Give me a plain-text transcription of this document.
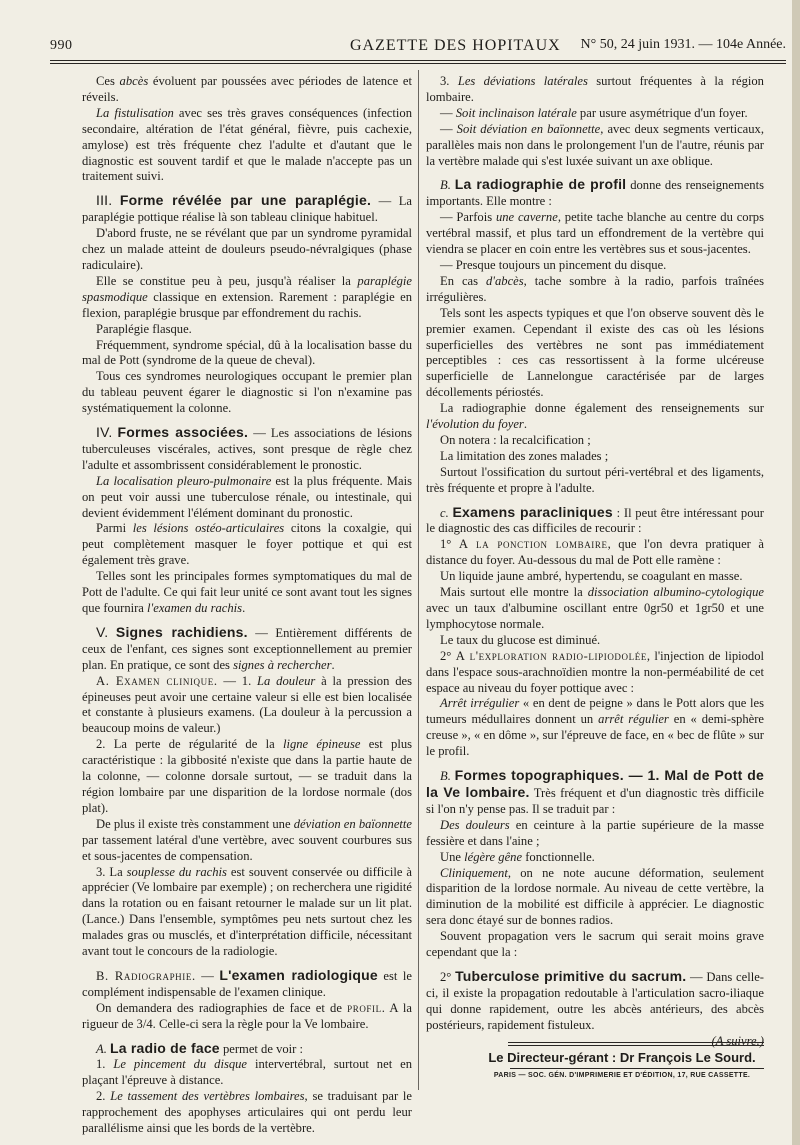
990	GAZETTE DES HOPITAUX N° 50, 24 juin 1931. — 104e Année.

Ces abcès évoluent par poussées avec périodes de latence et réveils.

La fistulisation avec ses très graves conséquences (infection secondaire, altération de l'état général, fièvre, puis cachexie, amylose) est très fréquente chez l'adulte et d'autant que le diagnostic est souvent tardif et que le malade n'accepte pas un traitement suivi.

III. Forme révélée par une paraplégie. — La paraplégie pottique réalise là son tableau clinique habituel.

D'abord fruste, ne se révélant que par un syndrome pyramidal chez un malade atteint de douleurs pseudo-névralgiques (phase radiculaire).

Elle se constitue peu à peu, jusqu'à réaliser la paraplégie spasmodique classique en extension. Rarement : paraplégie en flexion, paraplégie brusque par effondrement du rachis.

Paraplégie flasque.

Fréquemment, syndrome spécial, dû à la localisation basse du mal de Pott (syndrome de la queue de cheval).

Tous ces syndromes neurologiques occupant le premier plan du tableau peuvent égarer le diagnostic si l'on n'examine pas systématiquement la colonne.

IV. Formes associées. — Les associations de lésions tuberculeuses viscérales, actives, sont presque de règle chez l'adulte et assombrissent considérablement le pronostic.

La localisation pleuro-pulmonaire est la plus fréquente. Mais on peut voir aussi une tuberculose rénale, ou intestinale, qui devient évidemment l'élément dominant du pronostic.

Parmi les lésions ostéo-articulaires citons la coxalgie, qui peut complètement masquer le foyer pottique et qui est également très grave.

Telles sont les principales formes symptomatiques du mal de Pott de l'adulte. Ce qui fait leur unité ce sont avant tout les signes que fournira l'examen du rachis.

V. Signes rachidiens. — Entièrement différents de ceux de l'enfant, ces signes sont exceptionnellement au premier plan. En pratique, ce sont des signes à rechercher.

A. Examen clinique. — 1. La douleur à la pression des épineuses peut avoir une certaine valeur si elle est bien localisée et constante à plusieurs examens. (La douleur à la percussion a beaucoup moins de valeur.)

2. La perte de régularité de la ligne épineuse est plus caractéristique : la gibbosité n'existe que dans la partie haute de la colonne, — colonne dorsale surtout, — se traduit dans la région lombaire par une disparition de la lordose normale (dos plat).

De plus il existe très constamment une déviation en baïonnette par tassement latéral d'une vertèbre, avec souvent courbures sus et sous-jacentes de compensation.

3. La souplesse du rachis est souvent conservée ou difficile à apprécier (Ve lombaire par exemple) ; on recherchera une rigidité dans la rotation ou en faisant retourner le malade sur un lit plat. (Lance.) Dans l'ensemble, symptômes peu nets surtout chez les malades gras ou musclés, et d'interprétation difficile, nécessitant avant tout le concours de la radiologie.

B. Radiographie. — L'examen radiologique est le complément indispensable de l'examen clinique.

On demandera des radiographies de face et de profil. A la rigueur de 3/4. Celle-ci sera la règle pour la Ve lombaire.

A. La radio de face permet de voir :

1. Le pincement du disque intervertébral, surtout net en plaçant l'épreuve à distance.

2. Le tassement des vertèbres lombaires, se traduisant par le rapprochement des apophyses articulaires qui ont perdu leur parallélisme ainsi que les bords de la vertèbre.

3. Les déviations latérales surtout fréquentes à la région lombaire.

— Soit inclinaison latérale par usure asymétrique d'un foyer.

— Soit déviation en baïonnette, avec deux segments verticaux, parallèles mais non dans le prolongement l'un de l'autre, réunis par la vertèbre malade qui s'est luxée suivant un axe oblique.

B. La radiographie de profil donne des renseignements importants. Elle montre :

— Parfois une caverne, petite tache blanche au centre du corps vertébral massif, et plus tard un effondrement de la vertèbre qui viendra se placer en coin entre les vertèbres sus et sous-jacentes.

— Presque toujours un pincement du disque.

En cas d'abcès, tache sombre à la radio, parfois traînées irrégulières.

Tels sont les aspects typiques et que l'on observe souvent dès le premier examen. Cependant il existe des cas où les lésions superficielles des vertèbres ne sont pas immédiatement perceptibles : ces cas ressortissent à la forme ulcéreuse superficielle de Lannelongue caractérisée par de larges décollements périostés.

La radiographie donne également des renseignements sur l'évolution du foyer.

On notera : la recalcification ;

La limitation des zones malades ;

Surtout l'ossification du surtout péri-vertébral et des ligaments, très fréquente et propre à l'adulte.

c. Examens paracliniques : Il peut être intéressant pour le diagnostic des cas difficiles de recourir :

1° A la ponction lombaire, que l'on devra pratiquer à distance du foyer. Au-dessous du mal de Pott elle ramène :

Un liquide jaune ambré, hypertendu, se coagulant en masse.

Mais surtout elle montre la dissociation albumino-cytologique avec un taux d'albumine oscillant entre 0gr50 et 1gr50 et une lymphocytose normale.

Le taux du glucose est diminué.

2° A l'exploration radio-lipiodolée, l'injection de lipiodol dans l'espace sous-arachnoïdien montre la non-perméabilité de cet espace au niveau du foyer pottique avec :

Arrêt irrégulier « en dent de peigne » dans le Pott alors que les tumeurs médullaires donnent un arrêt régulier en « demi-sphère creuse », « en dôme », sur l'épreuve de face, en « bec de flûte » sur le profil.

B. Formes topographiques. — 1. Mal de Pott de la Ve lombaire. Très fréquent et d'un diagnostic très difficile si l'on n'y pense pas. Il se traduit par :

Des douleurs en ceinture à la partie supérieure de la masse fessière et dans l'aine ;

Une légère gêne fonctionnelle.

Cliniquement, on ne note aucune déformation, seulement disparition de la lordose normale. Au niveau de cette vertèbre, la diminution de la mobilité est difficile à apprécier. Le diagnostic sera donc étayé sur de bonnes radios.

Souvent propagation vers le sacrum qui serait moins grave cependant que la :

2° Tuberculose primitive du sacrum. — Dans celle-ci, il existe la propagation redoutable à l'articulation sacro-iliaque qui donne rapidement, outre les abcès antérieurs, des abcès postérieurs, rapidement fistuleux.

(A suivre.)

Le Directeur-gérant : Dr François Le Sourd.
PARIS — SOC. GÉN. D'IMPRIMERIE ET D'ÉDITION, 17, RUE CASSETTE.
